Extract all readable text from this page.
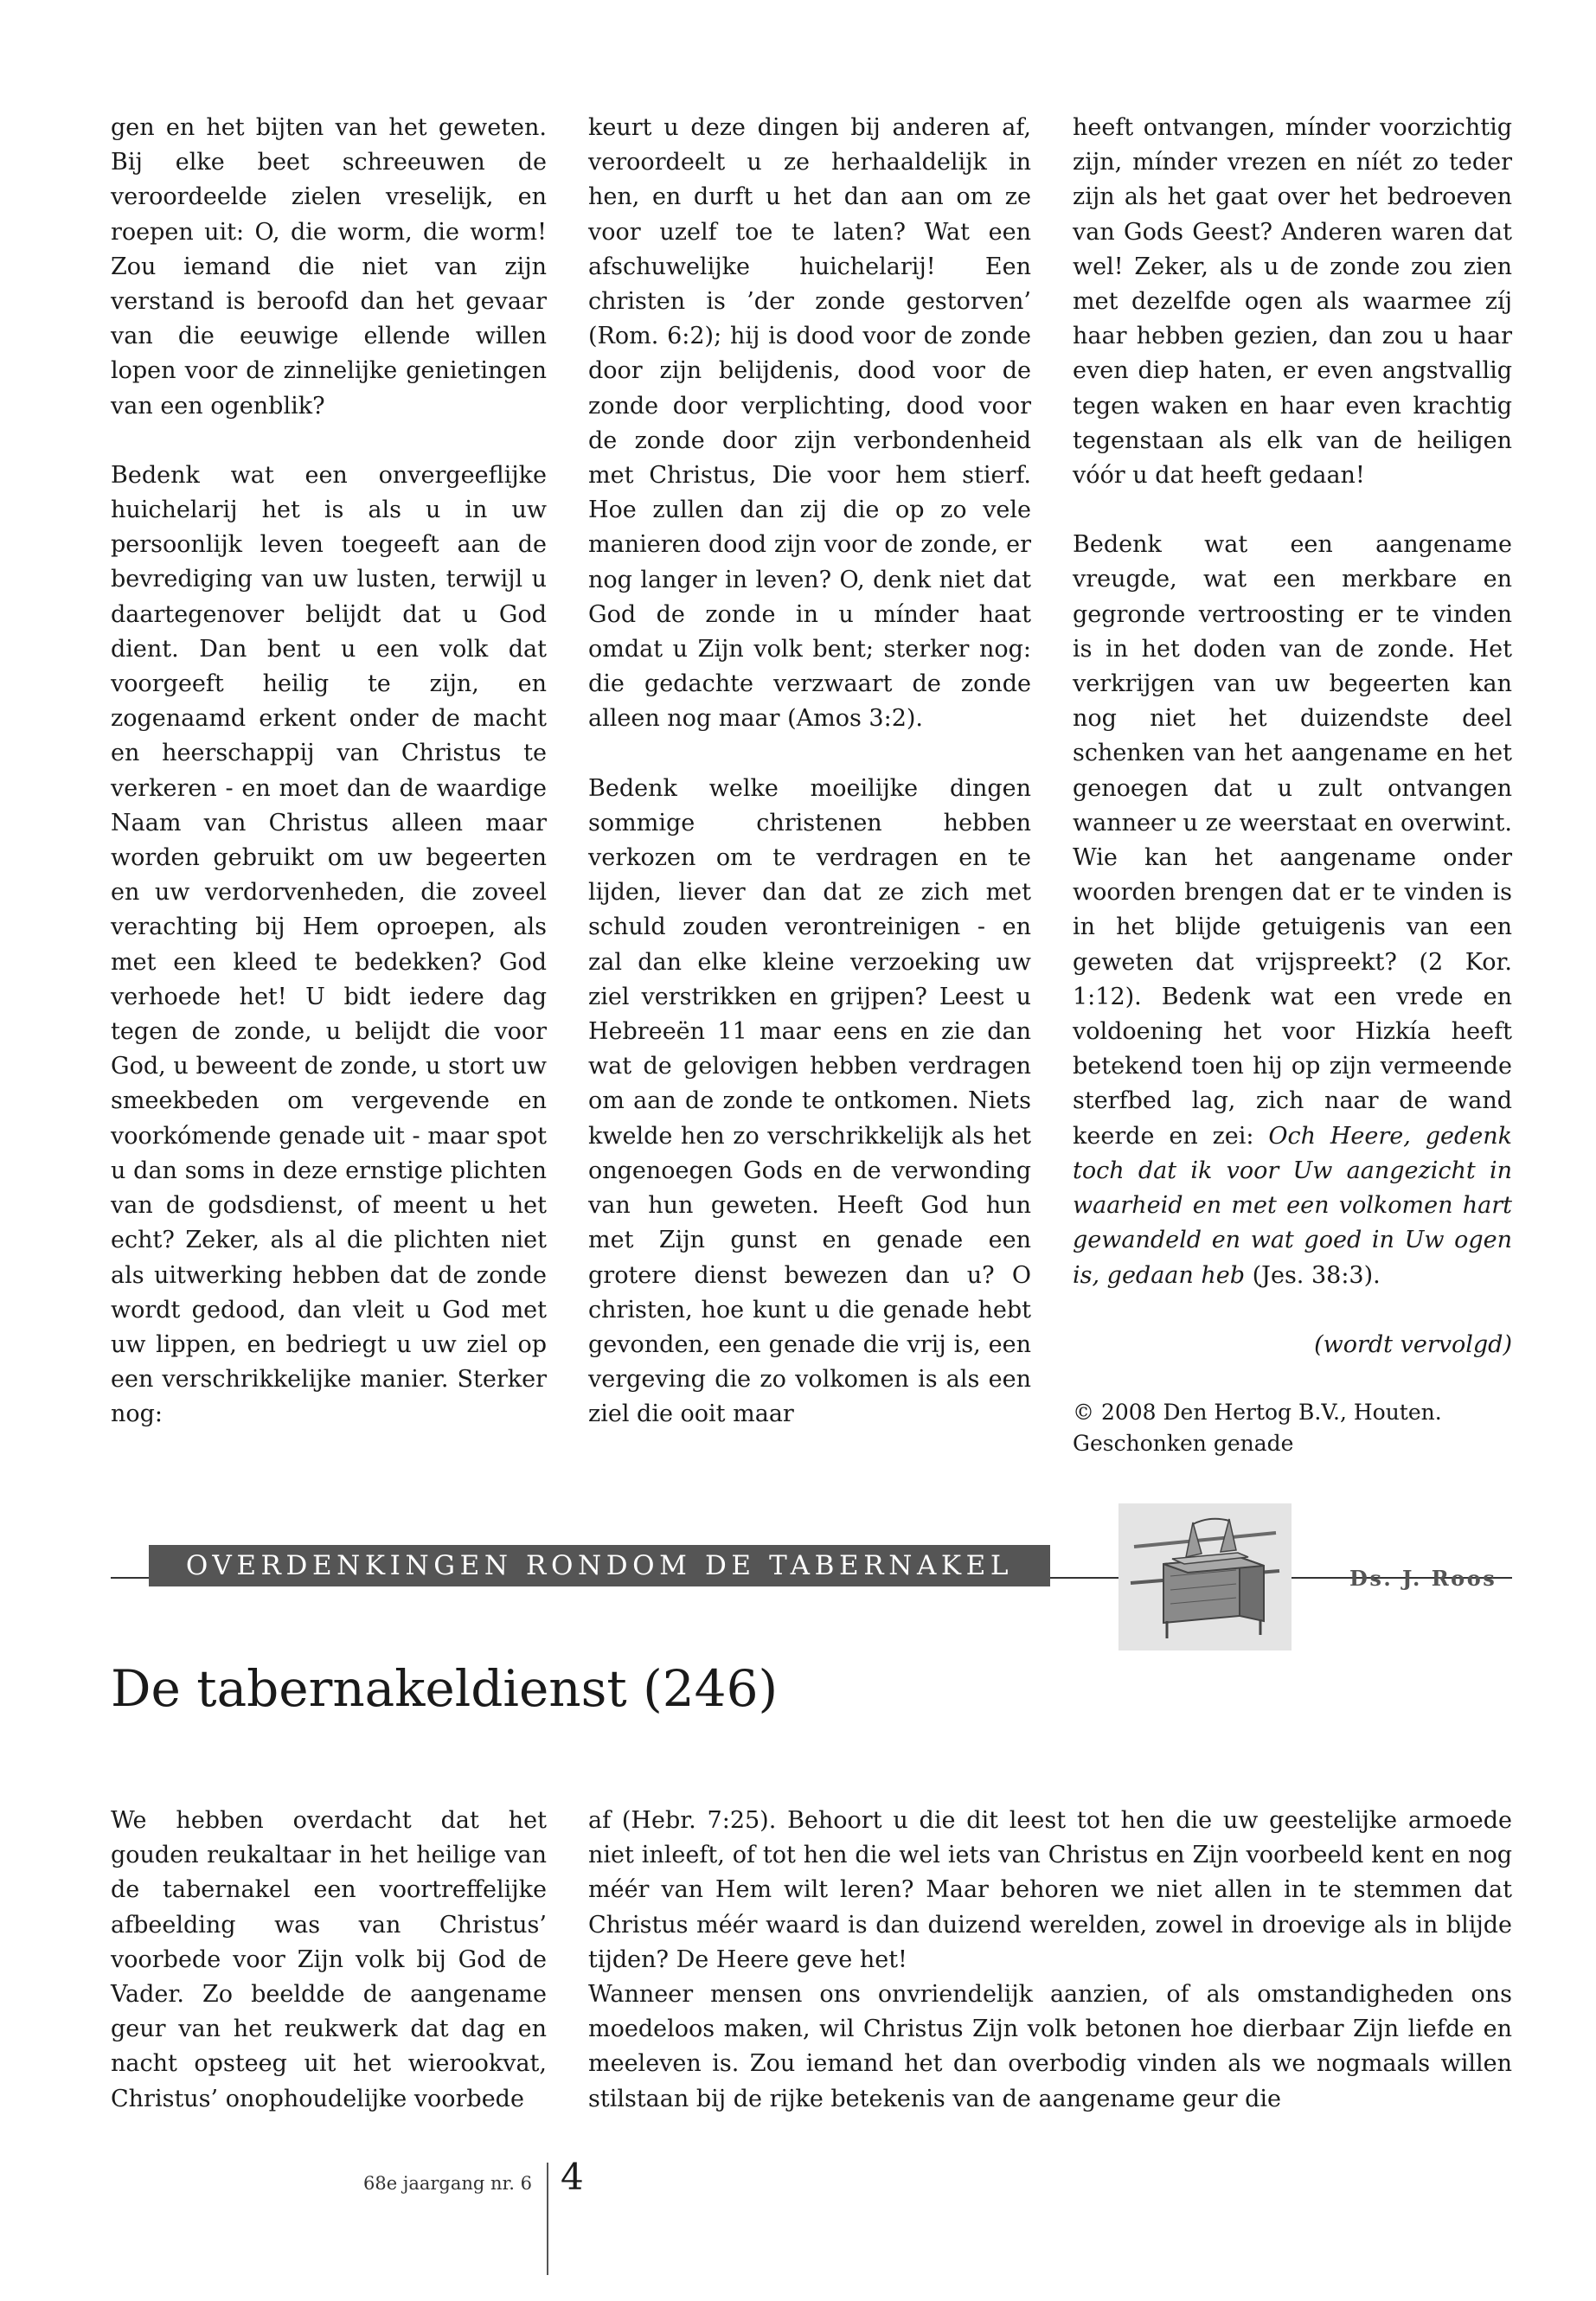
gen en het bijten van het geweten. Bij elke beet schreeuwen de veroordeelde zielen vreselijk, en roepen uit: O, die worm, die worm! Zou iemand die niet van zijn verstand is beroofd dan het gevaar van die eeuwige ellende willen lopen voor de zinnelijke genietingen van een ogenblik?

Bedenk wat een onvergeeflijke huichelarij het is als u in uw persoonlijk leven toegeeft aan de bevrediging van uw lusten, terwijl u daartegenover belijdt dat u God dient. Dan bent u een volk dat voorgeeft heilig te zijn, en zogenaamd erkent onder de macht en heerschappij van Christus te verkeren - en moet dan de waardige Naam van Christus alleen maar worden gebruikt om uw begeerten en uw verdorvenheden, die zoveel verachting bij Hem oproepen, als met een kleed te bedekken? God verhoede het! U bidt iedere dag tegen de zonde, u belijdt die voor God, u beweent de zonde, u stort uw smeekbeden om vergevende en voorkómende genade uit - maar spot u dan soms in deze ernstige plichten van de godsdienst, of meent u het echt? Zeker, als al die plichten niet als uitwerking hebben dat de zonde wordt gedood, dan vleit u God met uw lippen, en bedriegt u uw ziel op een verschrikkelijke manier. Sterker nog:

keurt u deze dingen bij anderen af, veroordeelt u ze herhaaldelijk in hen, en durft u het dan aan om ze voor uzelf toe te laten? Wat een afschuwelijke huichelarij! Een christen is ’der zonde gestorven’ (Rom. 6:2); hij is dood voor de zonde door zijn belijdenis, dood voor de zonde door verplichting, dood voor de zonde door zijn verbondenheid met Christus, Die voor hem stierf. Hoe zullen dan zij die op zo vele manieren dood zijn voor de zonde, er nog langer in leven? O, denk niet dat God de zonde in u mínder haat omdat u Zijn volk bent; sterker nog: die gedachte verzwaart de zonde alleen nog maar (Amos 3:2).

Bedenk welke moeilijke dingen sommige christenen hebben verkozen om te verdragen en te lijden, liever dan dat ze zich met schuld zouden verontreinigen - en zal dan elke kleine verzoeking uw ziel verstrikken en grijpen? Leest u Hebreeën 11 maar eens en zie dan wat de gelovigen hebben verdragen om aan de zonde te ontkomen. Niets kwelde hen zo verschrikkelijk als het ongenoegen Gods en de verwonding van hun geweten. Heeft God hun met Zijn gunst en genade een grotere dienst bewezen dan u? O christen, hoe kunt u die genade hebt gevonden, een genade die vrij is, een vergeving die zo volkomen is als een ziel die ooit maar

heeft ontvangen, mínder voorzichtig zijn, mínder vrezen en níét zo teder zijn als het gaat over het bedroeven van Gods Geest? Anderen waren dat wel! Zeker, als u de zonde zou zien met dezelfde ogen als waarmee zíj haar hebben gezien, dan zou u haar even diep haten, er even angstvallig tegen waken en haar even krachtig tegenstaan als elk van de heiligen vóór u dat heeft gedaan!

Bedenk wat een aangename vreugde, wat een merkbare en gegronde vertroosting er te vinden is in het doden van de zonde. Het verkrijgen van uw begeerten kan nog niet het duizendste deel schenken van het aangename en het genoegen dat u zult ontvangen wanneer u ze weerstaat en overwint. Wie kan het aangename onder woorden brengen dat er te vinden is in het blijde getuigenis van een geweten dat vrijspreekt? (2 Kor. 1:12). Bedenk wat een vrede en voldoening het voor Hizkía heeft betekend toen hij op zijn vermeende sterfbed lag, zich naar de wand keerde en zei: Och Heere, gedenk toch dat ik voor Uw aangezicht in waarheid en met een volkomen hart gewandeld en wat goed in Uw ogen is, gedaan heb (Jes. 38:3).

(wordt vervolgd)

© 2008 Den Hertog B.V., Houten.
Geschonken genade
OVERDENKINGEN RONDOM DE TABERNAKEL	Ds. J. Roos
De tabernakeldienst (246)

We hebben overdacht dat het gouden reukaltaar in het heilige van de tabernakel een voortreffelijke afbeelding was van Christus’ voorbede voor Zijn volk bij God de Vader. Zo beeldde de aangename geur van het reukwerk dat dag en nacht opsteeg uit het wierookvat, Christus’ onophoudelijke voorbede

af (Hebr. 7:25). Behoort u die dit leest tot hen die uw geestelijke armoede niet inleeft, of tot hen die wel iets van Christus en Zijn voorbeeld kent en nog méér van Hem wilt leren? Maar behoren we niet allen in te stemmen dat Christus méér waard is dan duizend werelden, zowel in droevige als in blijde tijden? De Heere geve het!

Wanneer mensen ons onvriendelijk aanzien, of als omstandigheden ons moedeloos maken, wil Christus Zijn volk betonen hoe dierbaar Zijn liefde en meeleven is. Zou iemand het dan overbodig vinden als we nogmaals willen stilstaan bij de rijke betekenis van de aangename geur die

68e jaargang nr. 6 4
